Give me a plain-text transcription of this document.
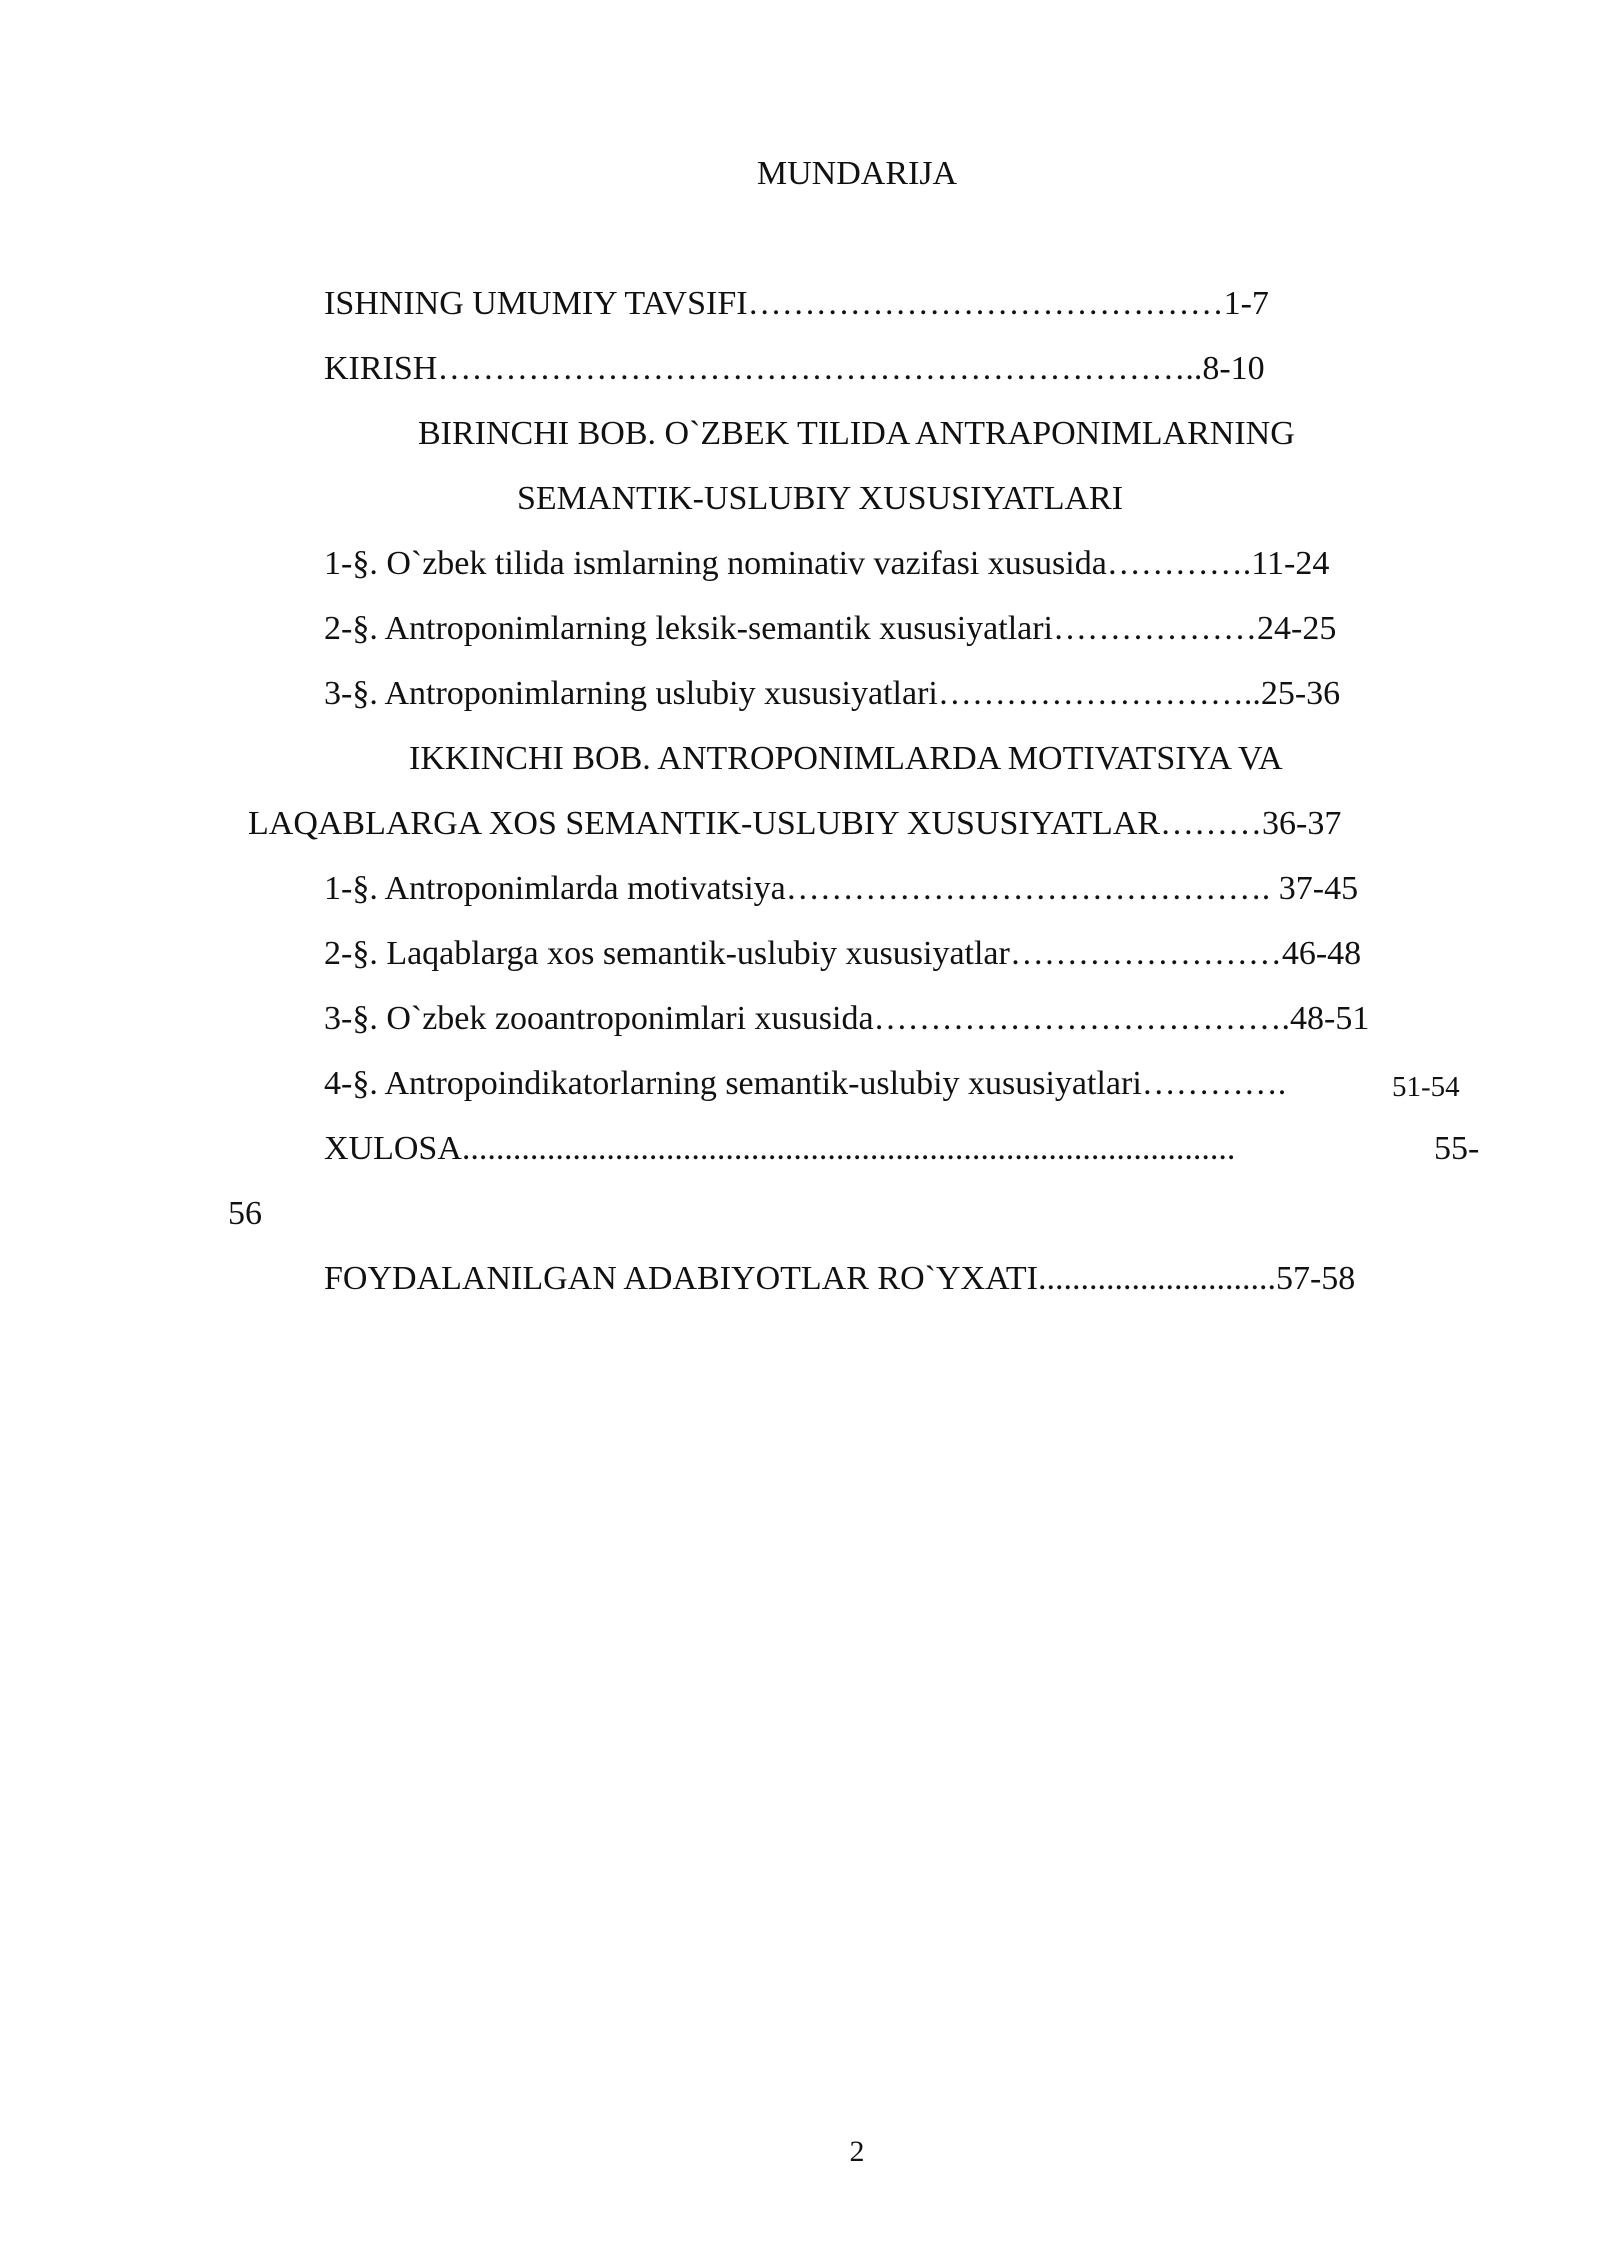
MUNDARIJA
ISHNING UMUMIY TAVSIFI……………………………………1-7
KIRISH…………………………………………………………..8-10
BIRINCHI BOB. O`ZBEK TILIDA ANTRAPONIMLARNING
SEMANTIK-USLUBIY XUSUSIYATLARI
1-§. O`zbek tilida ismlarning nominativ vazifasi xususida………….11-24
2-§. Antroponimlarning leksik-semantik xususiyatlari………………24-25
3-§. Antroponimlarning uslubiy xususiyatlari………………………..25-36
IKKINCHI BOB. ANTROPONIMLARDA MOTIVATSIYA VA
LAQABLARGA XOS SEMANTIK-USLUBIY XUSUSIYATLAR………36-37
1-§. Antroponimlarda motivatsiya……………………………………. 37-45
2-§. Laqablarga xos semantik-uslubiy xususiyatlar……………………46-48
3-§. O`zbek zooantroponimlari xususida……………………………….48-51
4-§. Antropoindikatorlarning semantik-uslubiy xususiyatlari………….	51-54
XULOSA...........................................................................................	55-
56
FOYDALANILGAN ADABIYOTLAR RO`YXATI............................57-58
2
